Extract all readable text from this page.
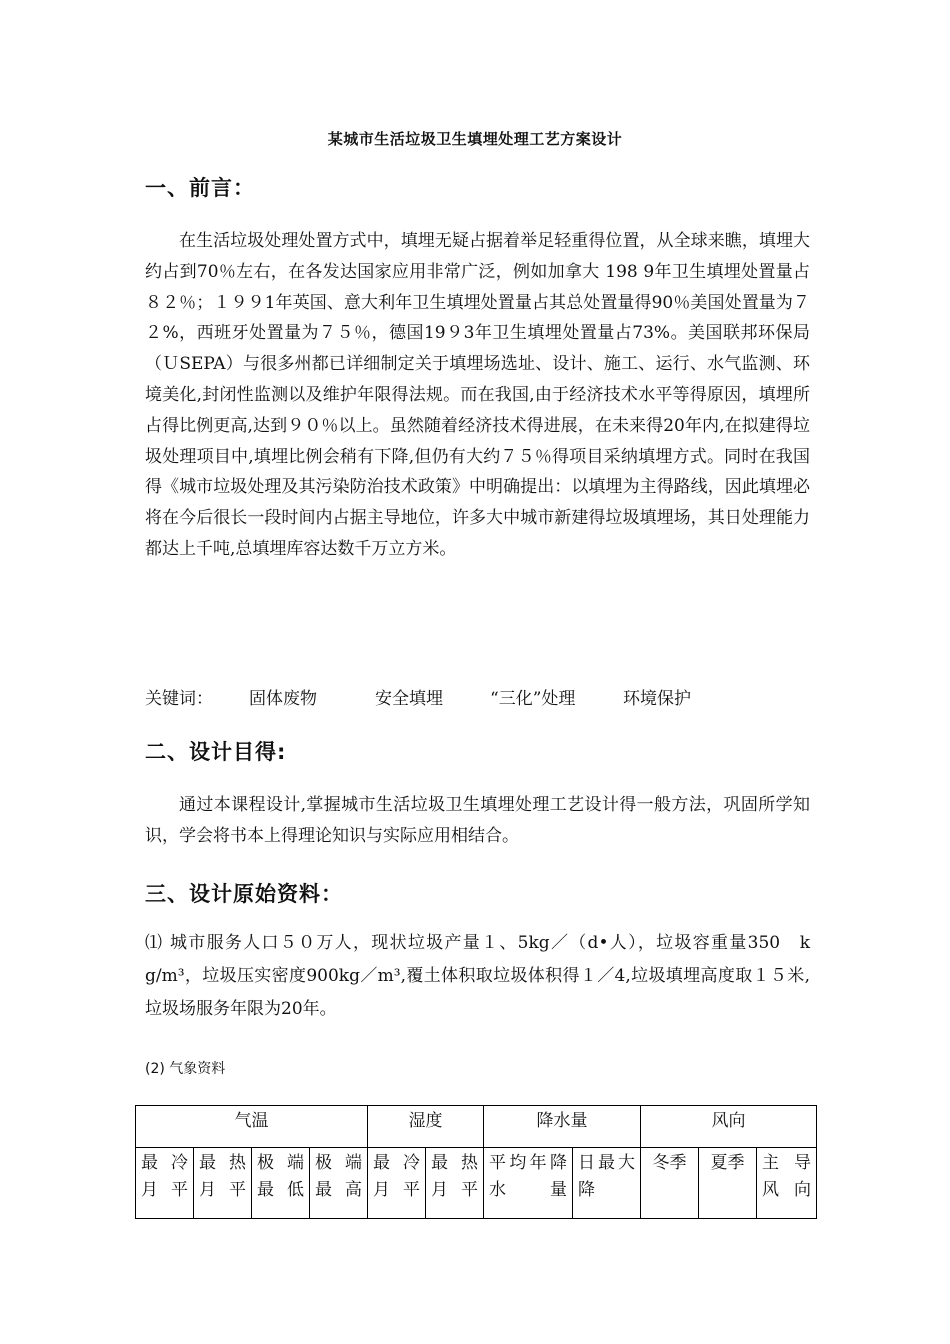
某城市生活垃圾卫生填埋处理工艺方案设计
一、前言：

在生活垃圾处理处置方式中，填埋无疑占据着举足轻重得位置，从全球来瞧，填埋大约占到70％左右，在各发达国家应用非常广泛，例如加拿大 198 9年卫生填埋处置量占８２％；１９９1年英国、意大利年卫生填埋处置量占其总处置量得90％美国处置量为７２%，西班牙处置量为７５％，德国19９3年卫生填埋处置量占73%。美国联邦环保局（ＵSEPA）与很多州都已详细制定关于填埋场选址、设计、施工、运行、水气监测、环境美化,封闭性监测以及维护年限得法规。而在我国,由于经济技术水平等得原因，填埋所占得比例更高,达到９０％以上。虽然随着经济技术得进展，在未来得20年内,在拟建得垃圾处理项目中,填埋比例会稍有下降,但仍有大约７５％得项目采纳填埋方式。同时在我国得《城市垃圾处理及其污染防治技术政策》中明确提出：以填埋为主得路线，因此填埋必将在今后很长一段时间内占据主导地位，许多大中城市新建得垃圾填埋场，其日处理能力都达上千吨,总填埋库容达数千万立方米。

关键词： 固体废物	安全填埋	“三化”处理	环境保护
二、设计目得:

通过本课程设计,掌握城市生活垃圾卫生填埋处理工艺设计得一般方法，巩固所学知识，学会将书本上得理论知识与实际应用相结合。

三、设计原始资料：

⑴ 城市服务人口５０万人，现状垃圾产量１、5kg／（d•人），垃圾容重量350　k g/m³，垃圾压实密度900kg／m³,覆土体积取垃圾体积得１／4,垃圾填埋高度取１５米,垃圾场服务年限为20年。

(2) 气象资料
气温				湿度		降水量		风向		
最冷月平	最热月平	极端最低	极端最高	最冷月平	最热月平	平均年降水量	日最大降	冬季	夏季	主导风向
